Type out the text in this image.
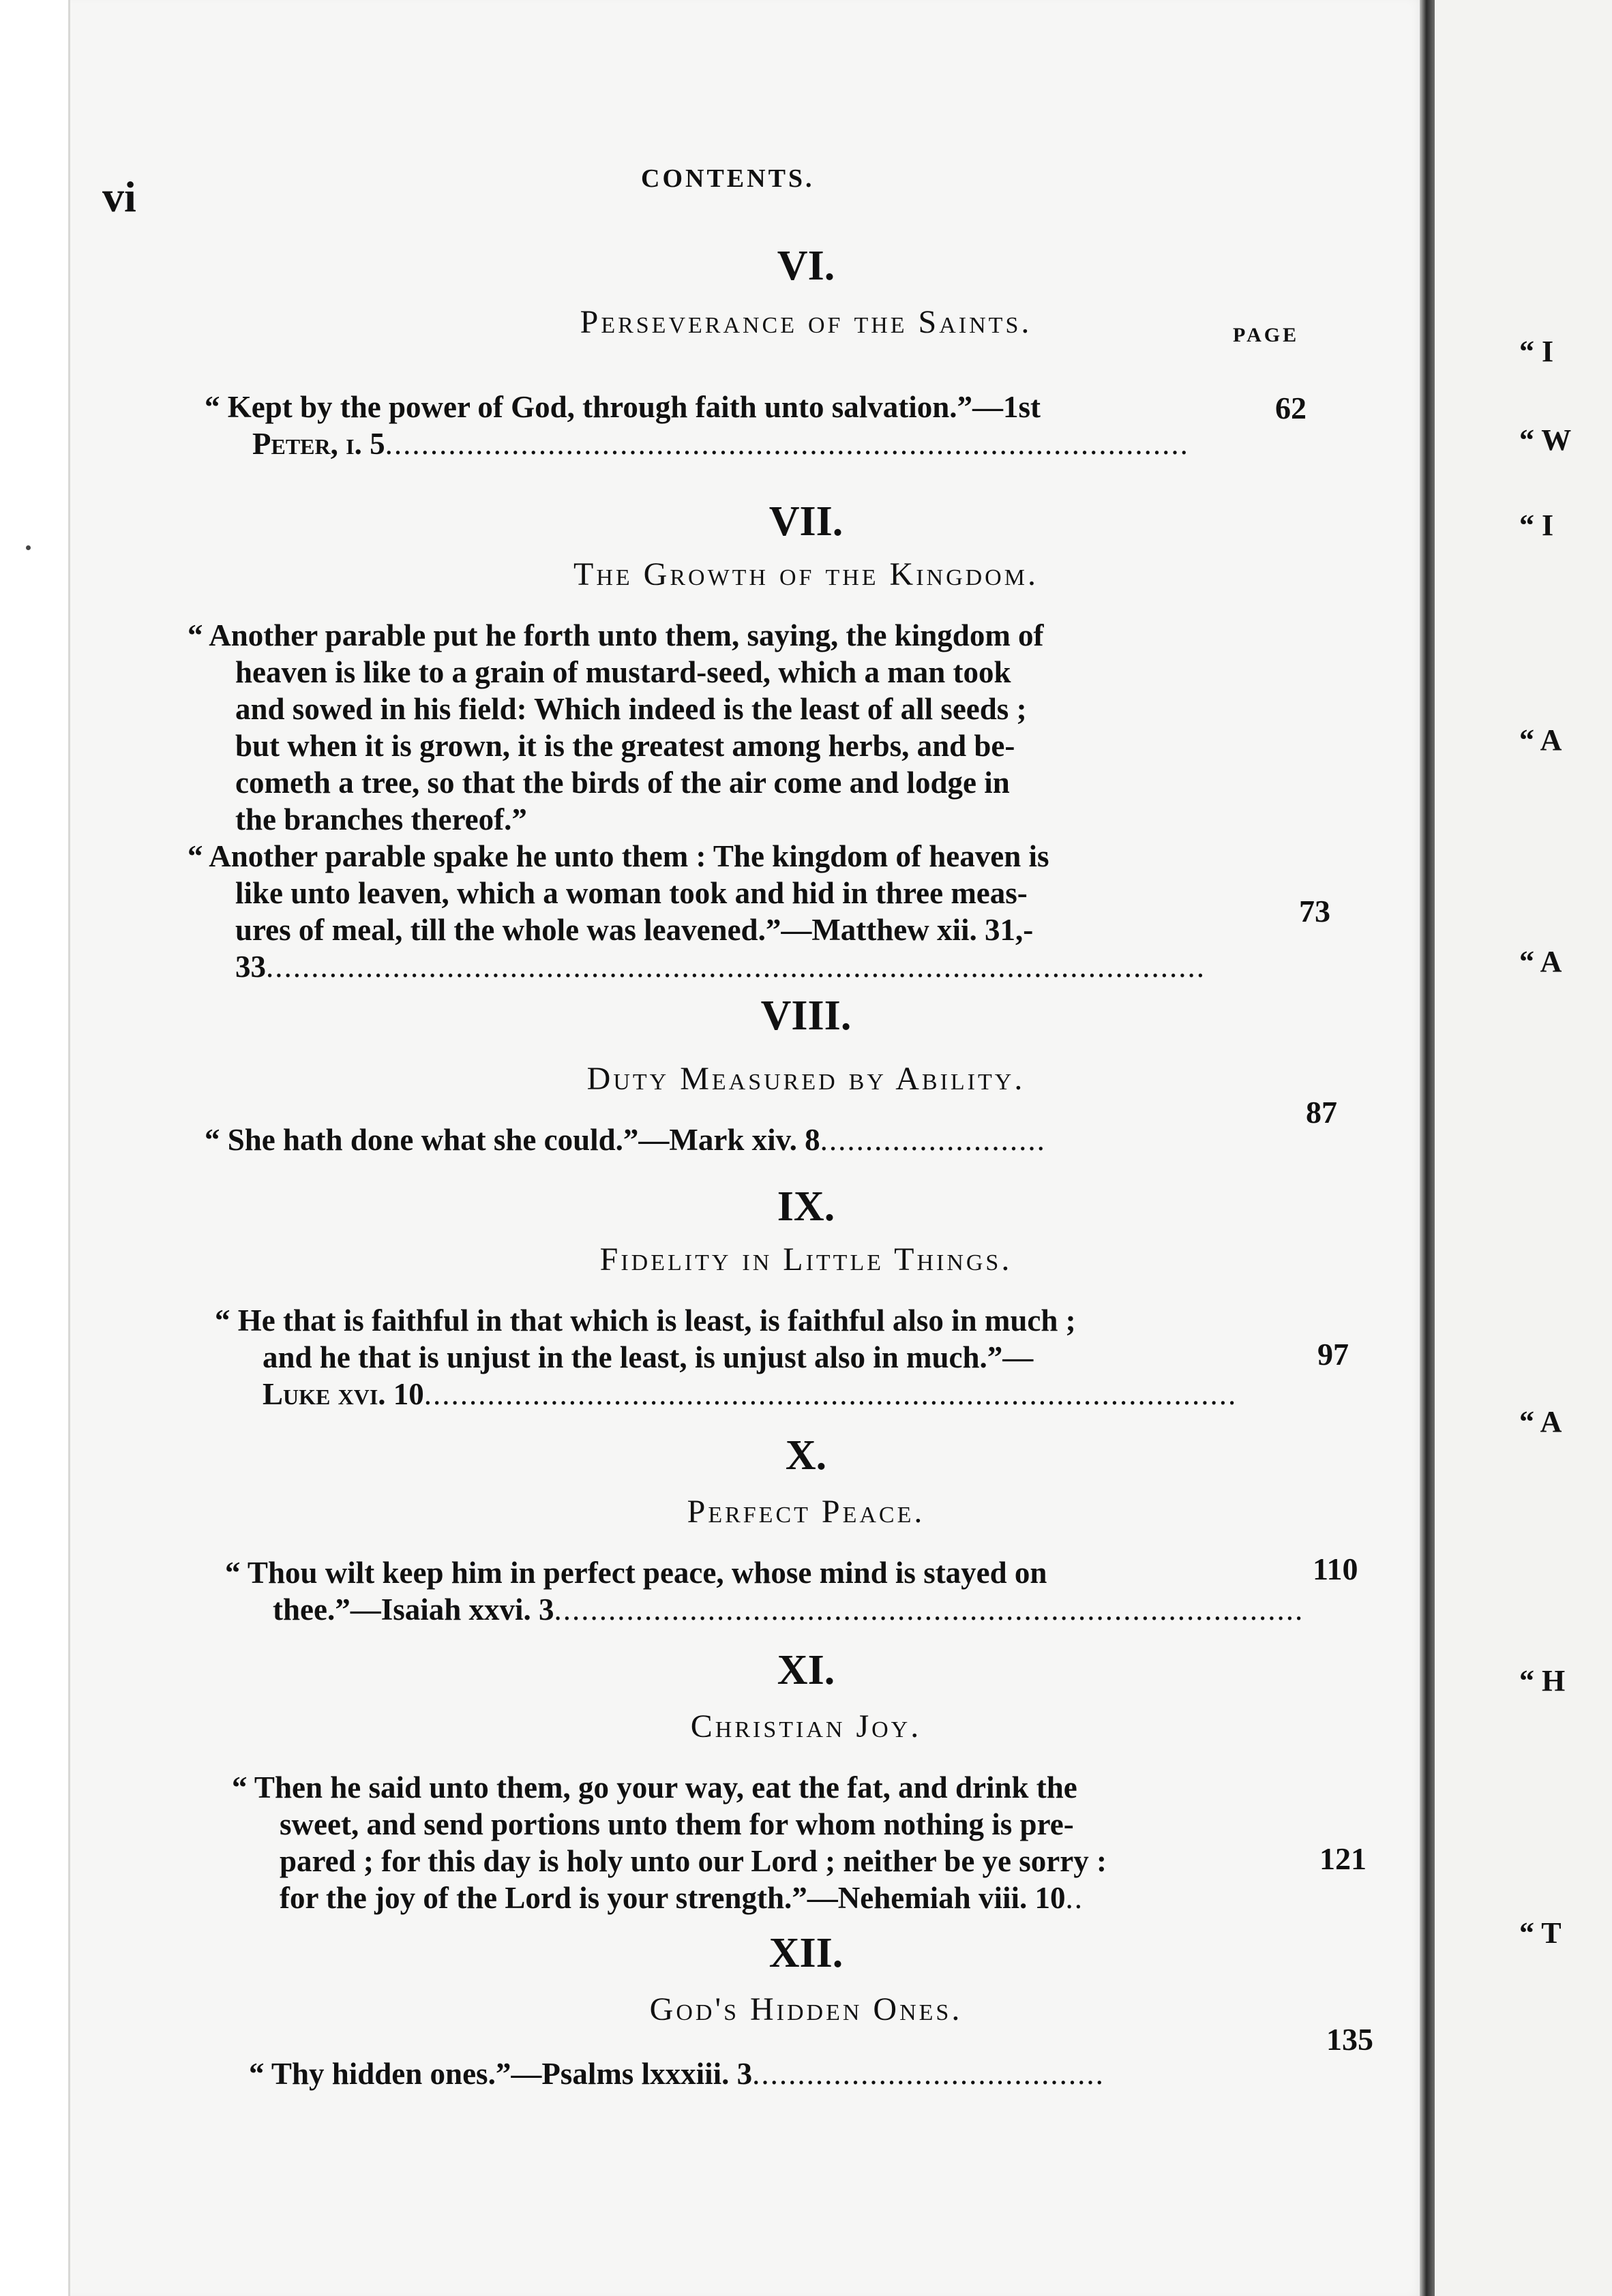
“ I
“ W
“ I
“ A
“ A
“ A
“ H
“ T
vi	CONTENTS.
PAGE
VI.
Perseverance of the Saints.
“ Kept by the power of God, through faith unto salvation.”—1st
Peter, i. 5.........................................................................................
62
VII.
The Growth of the Kingdom.
“ Another parable put he forth unto them, saying, the kingdom of
heaven is like to a grain of mustard-seed, which a man took
and sowed in his field: Which indeed is the least of all seeds ;
but when it is grown, it is the greatest among herbs, and be-
cometh a tree, so that the birds of the air come and lodge in
the branches thereof.”
“ Another parable spake he unto them : The kingdom of heaven is
like unto leaven, which a woman took and hid in three meas-
ures of meal, till the whole was leavened.”—Matthew xii. 31,-
33........................................................................................................
73
VIII.
Duty Measured by Ability.
“ She hath done what she could.”—Mark xiv. 8.........................
87
IX.
Fidelity in Little Things.
“ He that is faithful in that which is least, is faithful also in much ;
and he that is unjust in the least, is unjust also in much.”—
Luke xvi. 10..........................................................................................
97
X.
Perfect Peace.
“ Thou wilt keep him in perfect peace, whose mind is stayed on
thee.”—Isaiah xxvi. 3...................................................................................
110
XI.
Christian Joy.
“ Then he said unto them, go your way, eat the fat, and drink the
sweet, and send portions unto them for whom nothing is pre-
pared ; for this day is holy unto our Lord ; neither be ye sorry :
for the joy of the Lord is your strength.”—Nehemiah viii. 10..
121
XII.
God's Hidden Ones.
“ Thy hidden ones.”—Psalms lxxxiii. 3.......................................
135
